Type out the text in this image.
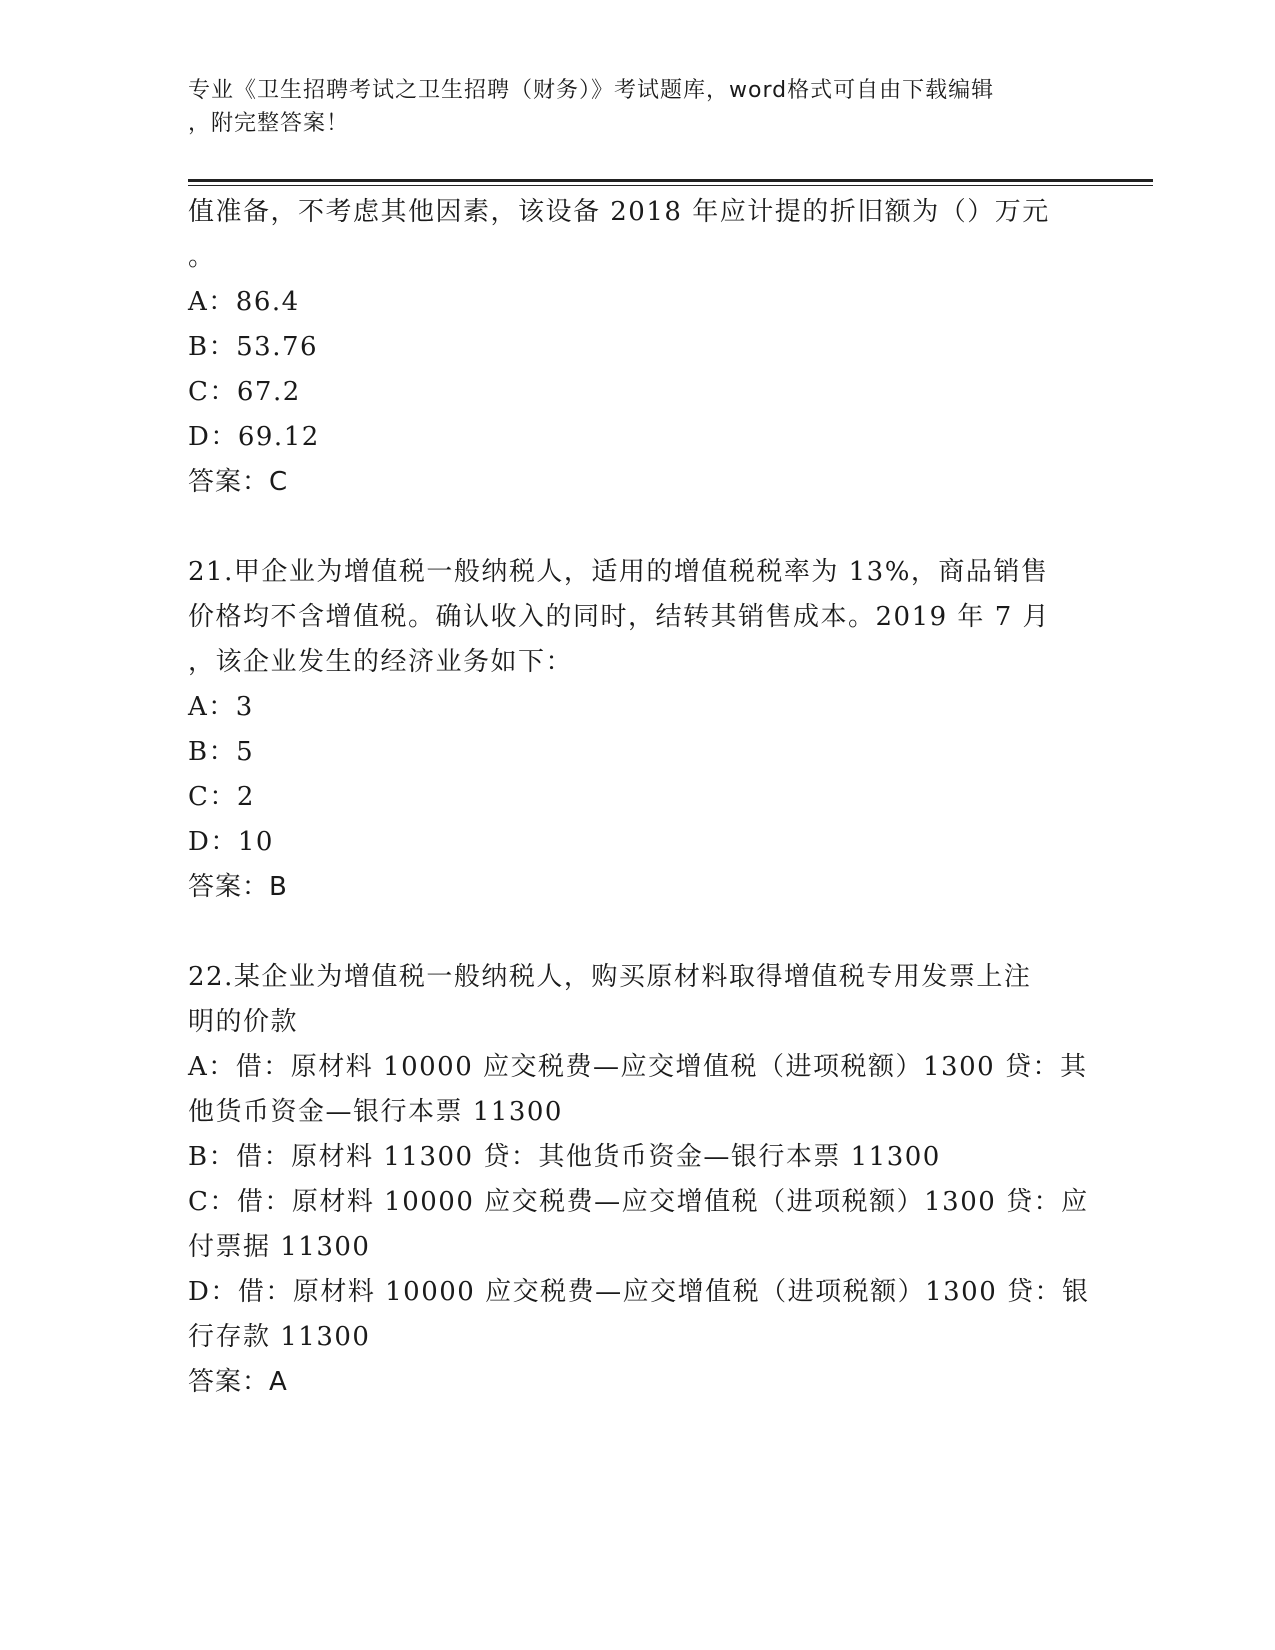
专业《卫生招聘考试之卫生招聘（财务）》考试题库，word格式可自由下载编辑
，附完整答案！
值准备，不考虑其他因素，该设备 2018 年应计提的折旧额为（）万元
。
A：86.4
B：53.76
C：67.2
D：69.12
答案：C
21.甲企业为增值税一般纳税人，适用的增值税税率为 13%，商品销售
价格均不含增值税。确认收入的同时，结转其销售成本。2019 年 7 月
，该企业发生的经济业务如下：
A：3
B：5
C：2
D：10
答案：B
22.某企业为增值税一般纳税人，购买原材料取得增值税专用发票上注
明的价款
A：借：原材料 10000 应交税费—应交增值税（进项税额）1300 贷：其
他货币资金—银行本票 11300
B：借：原材料 11300 贷：其他货币资金—银行本票 11300
C：借：原材料 10000 应交税费—应交增值税（进项税额）1300 贷：应
付票据 11300
D：借：原材料 10000 应交税费—应交增值税（进项税额）1300 贷：银
行存款 11300
答案：A
